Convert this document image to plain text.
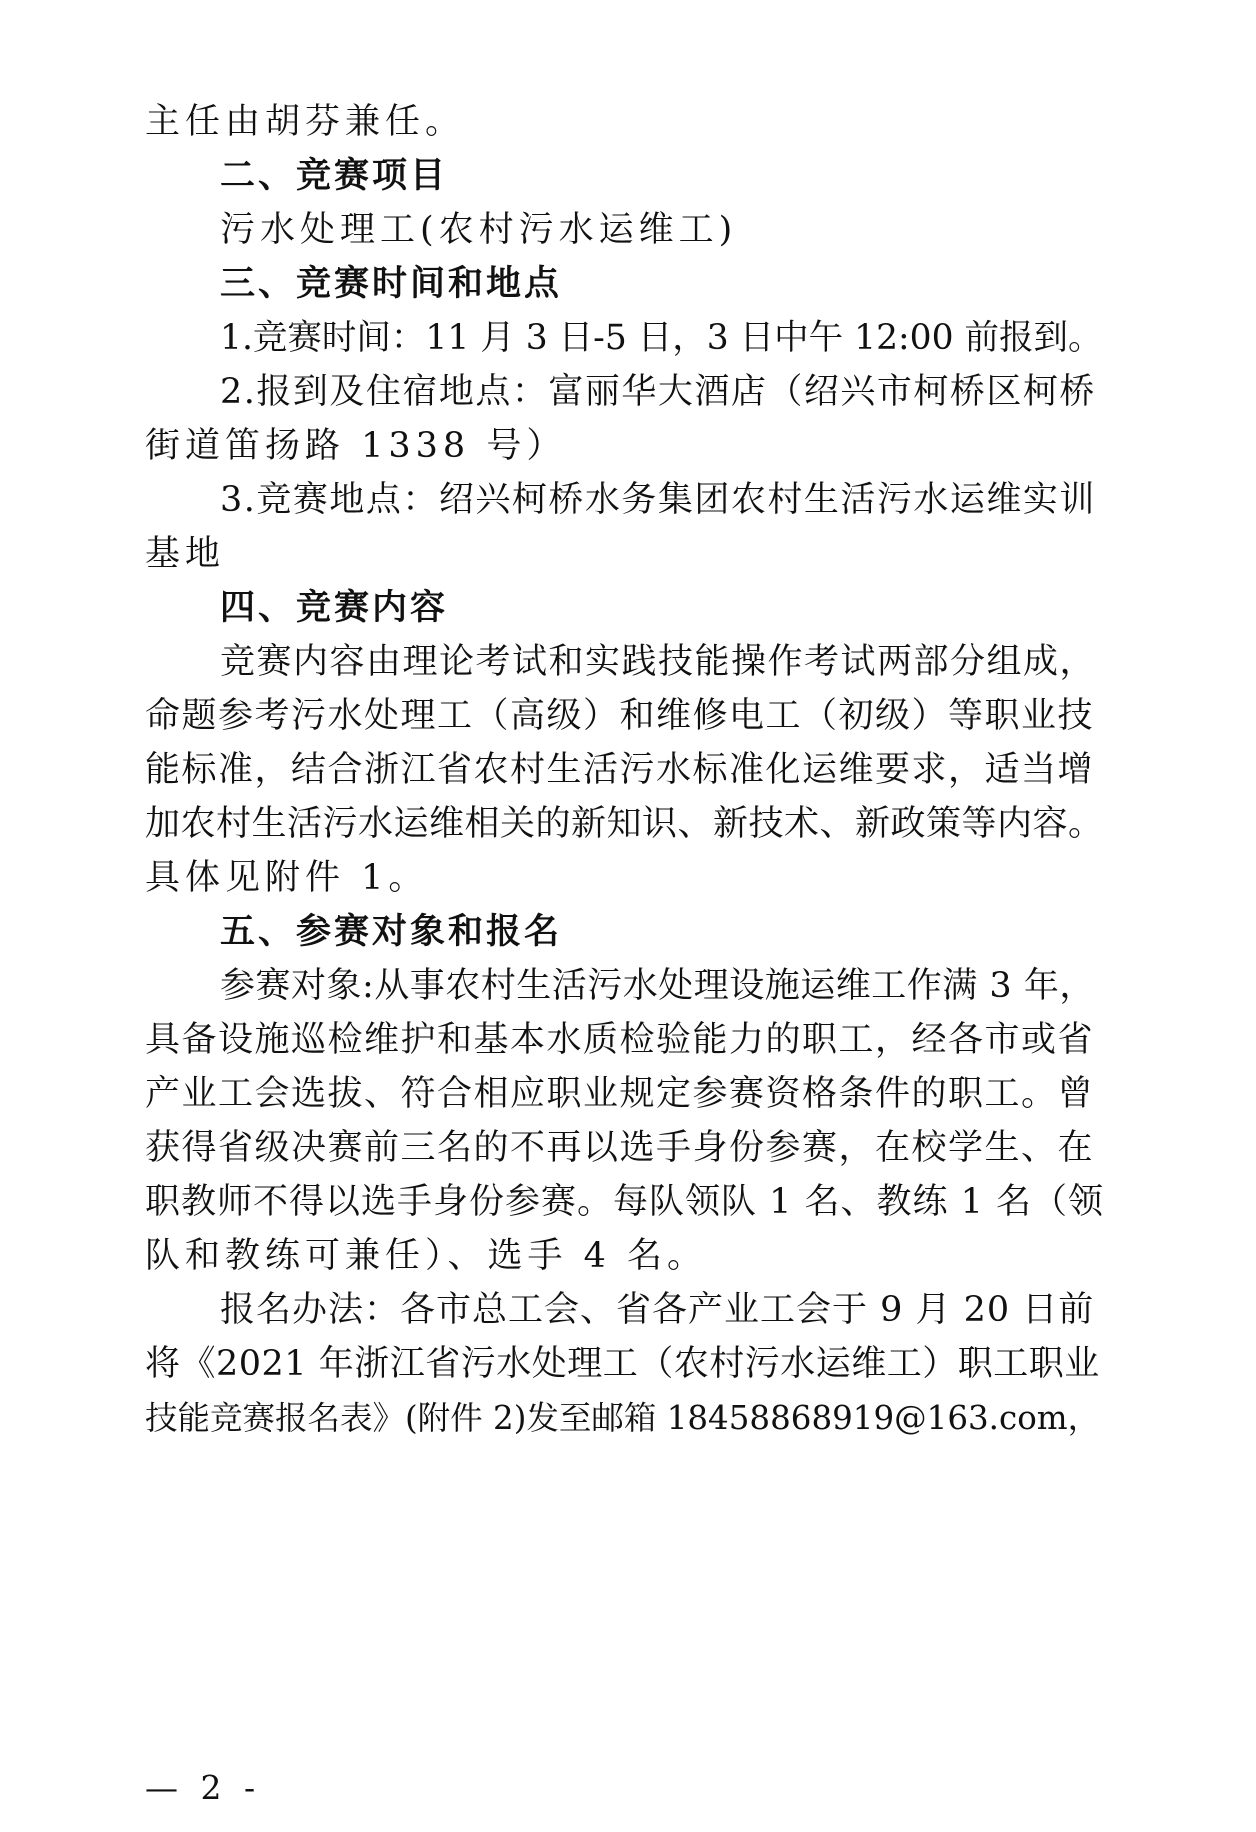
主任由胡芬兼任。
二、竞赛项目
污水处理工(农村污水运维工)
三、竞赛时间和地点
1.竞赛时间：11 月 3 日-5 日，3 日中午 12:00 前报到。
2.报到及住宿地点：富丽华大酒店（绍兴市柯桥区柯桥
街道笛扬路 1338 号）
3.竞赛地点：绍兴柯桥水务集团农村生活污水运维实训
基地
四、竞赛内容
竞赛内容由理论考试和实践技能操作考试两部分组成，
命题参考污水处理工（高级）和维修电工（初级）等职业技
能标准，结合浙江省农村生活污水标准化运维要求，适当增
加农村生活污水运维相关的新知识、新技术、新政策等内容。
具体见附件 1。
五、参赛对象和报名
参赛对象:从事农村生活污水处理设施运维工作满 3 年，
具备设施巡检维护和基本水质检验能力的职工，经各市或省
产业工会选拔、符合相应职业规定参赛资格条件的职工。曾
获得省级决赛前三名的不再以选手身份参赛，在校学生、在
职教师不得以选手身份参赛。每队领队 1 名、教练 1 名（领
队和教练可兼任）、选手 4 名。
报名办法：各市总工会、省各产业工会于 9 月 20 日前
将《2021 年浙江省污水处理工（农村污水运维工）职工职业
技能竞赛报名表》(附件 2)发至邮箱 18458868919@163.com，
— 2 -
